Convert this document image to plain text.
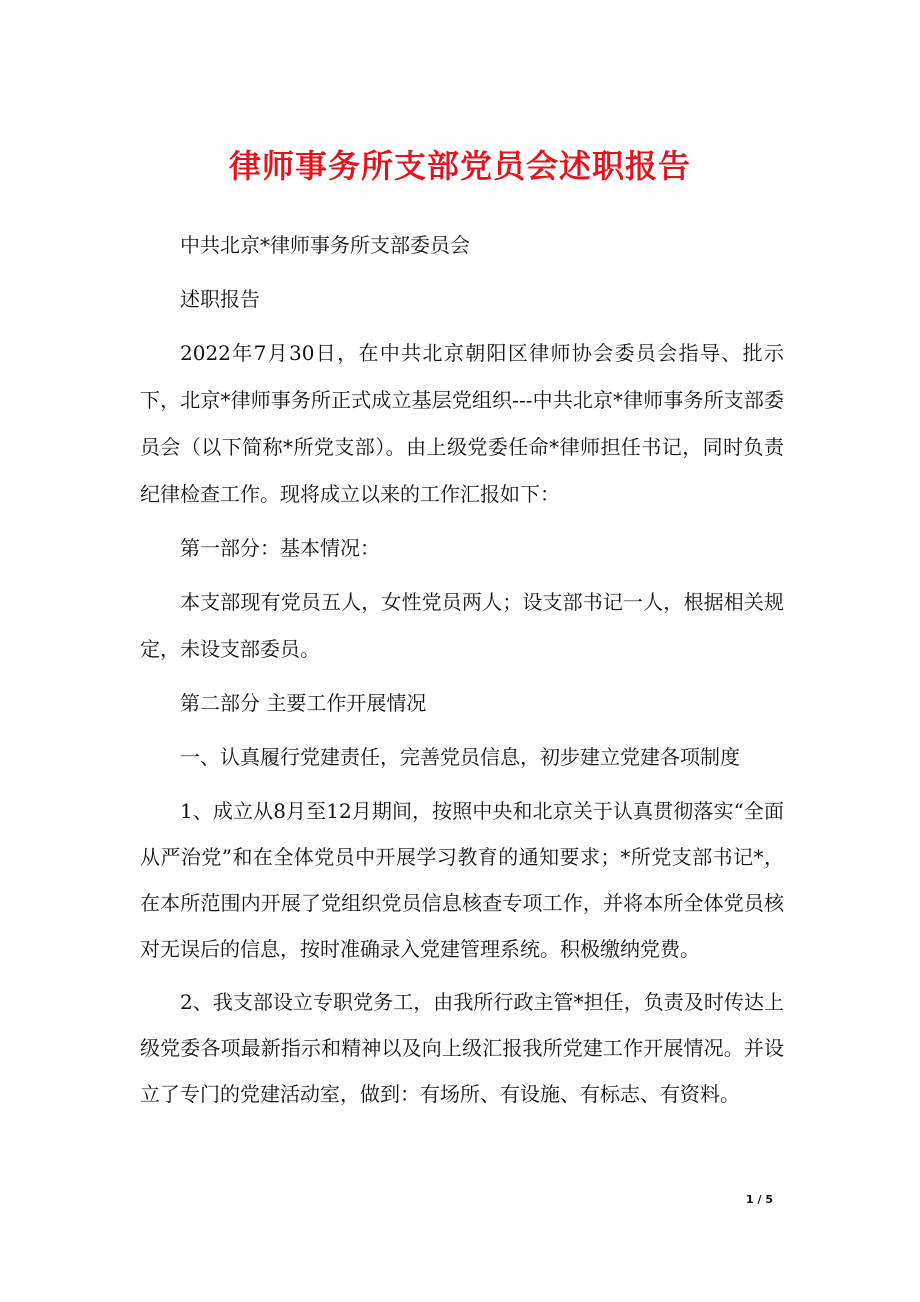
律师事务所支部党员会述职报告

中共北京*律师事务所支部委员会

述职报告

2022年7月30日，在中共北京朝阳区律师协会委员会指导、批示下，北京*律师事务所正式成立基层党组织---中共北京*律师事务所支部委员会（以下简称*所党支部）。由上级党委任命*律师担任书记，同时负责纪律检查工作。现将成立以来的工作汇报如下：

第一部分：基本情况：

本支部现有党员五人，女性党员两人；设支部书记一人，根据相关规定，未设支部委员。

第二部分 主要工作开展情况

一、认真履行党建责任，完善党员信息，初步建立党建各项制度

1、成立从8月至12月期间，按照中央和北京关于认真贯彻落实“全面从严治党”和在全体党员中开展学习教育的通知要求；*所党支部书记*，在本所范围内开展了党组织党员信息核查专项工作，并将本所全体党员核对无误后的信息，按时准确录入党建管理系统。积极缴纳党费。

2、我支部设立专职党务工，由我所行政主管*担任，负责及时传达上级党委各项最新指示和精神以及向上级汇报我所党建工作开展情况。并设立了专门的党建活动室，做到：有场所、有设施、有标志、有资料。

1 / 5
